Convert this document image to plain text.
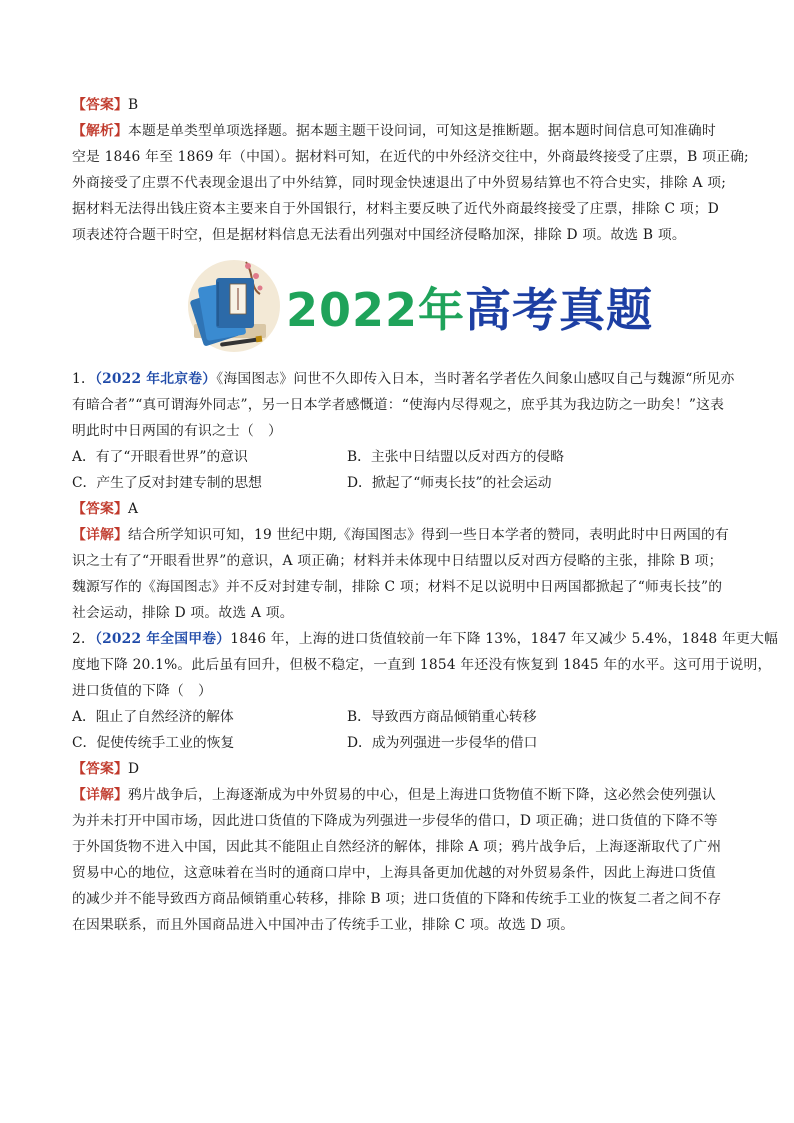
【答案】B
【解析】本题是单类型单项选择题。据本题主题干设问词，可知这是推断题。据本题时间信息可知准确时
空是 1846 年至 1869 年（中国）。据材料可知，在近代的中外经济交往中，外商最终接受了庄票，B 项正确;
外商接受了庄票不代表现金退出了中外结算，同时现金快速退出了中外贸易结算也不符合史实，排除 A 项;
据材料无法得出钱庄资本主要来自于外国银行，材料主要反映了近代外商最终接受了庄票，排除 C 项；D
项表述符合题干时空，但是据材料信息无法看出列强对中国经济侵略加深，排除 D 项。故选 B 项。
2022年高考真题
1．（2022 年北京卷）《海国图志》问世不久即传入日本，当时著名学者佐久间象山感叹自己与魏源“所见亦
有暗合者”“真可谓海外同志”，另一日本学者感慨道：“使海内尽得观之，庶乎其为我边防之一助矣！”这表
明此时中日两国的有识之士（　）
A．有了“开眼看世界”的意识	B．主张中日结盟以反对西方的侵略
C．产生了反对封建专制的思想	D．掀起了“师夷长技”的社会运动
【答案】A
【详解】结合所学知识可知，19 世纪中期,《海国图志》得到一些日本学者的赞同，表明此时中日两国的有
识之士有了“开眼看世界”的意识，A 项正确；材料并未体现中日结盟以反对西方侵略的主张，排除 B 项；
魏源写作的《海国图志》并不反对封建专制，排除 C 项；材料不足以说明中日两国都掀起了“师夷长技”的
社会运动，排除 D 项。故选 A 项。
2．（2022 年全国甲卷）1846 年，上海的进口货值较前一年下降 13%，1847 年又减少 5.4%，1848 年更大幅
度地下降 20.1%。此后虽有回升，但极不稳定，一直到 1854 年还没有恢复到 1845 年的水平。这可用于说明，
进口货值的下降（　）
A．阻止了自然经济的解体	B．导致西方商品倾销重心转移
C．促使传统手工业的恢复	D．成为列强进一步侵华的借口
【答案】D
【详解】鸦片战争后，上海逐渐成为中外贸易的中心，但是上海进口货物值不断下降，这必然会使列强认
为并未打开中国市场，因此进口货值的下降成为列强进一步侵华的借口，D 项正确；进口货值的下降不等
于外国货物不进入中国，因此其不能阻止自然经济的解体，排除 A 项；鸦片战争后，上海逐渐取代了广州
贸易中心的地位，这意味着在当时的通商口岸中，上海具备更加优越的对外贸易条件，因此上海进口货值
的减少并不能导致西方商品倾销重心转移，排除 B 项；进口货值的下降和传统手工业的恢复二者之间不存
在因果联系，而且外国商品进入中国冲击了传统手工业，排除 C 项。故选 D 项。
